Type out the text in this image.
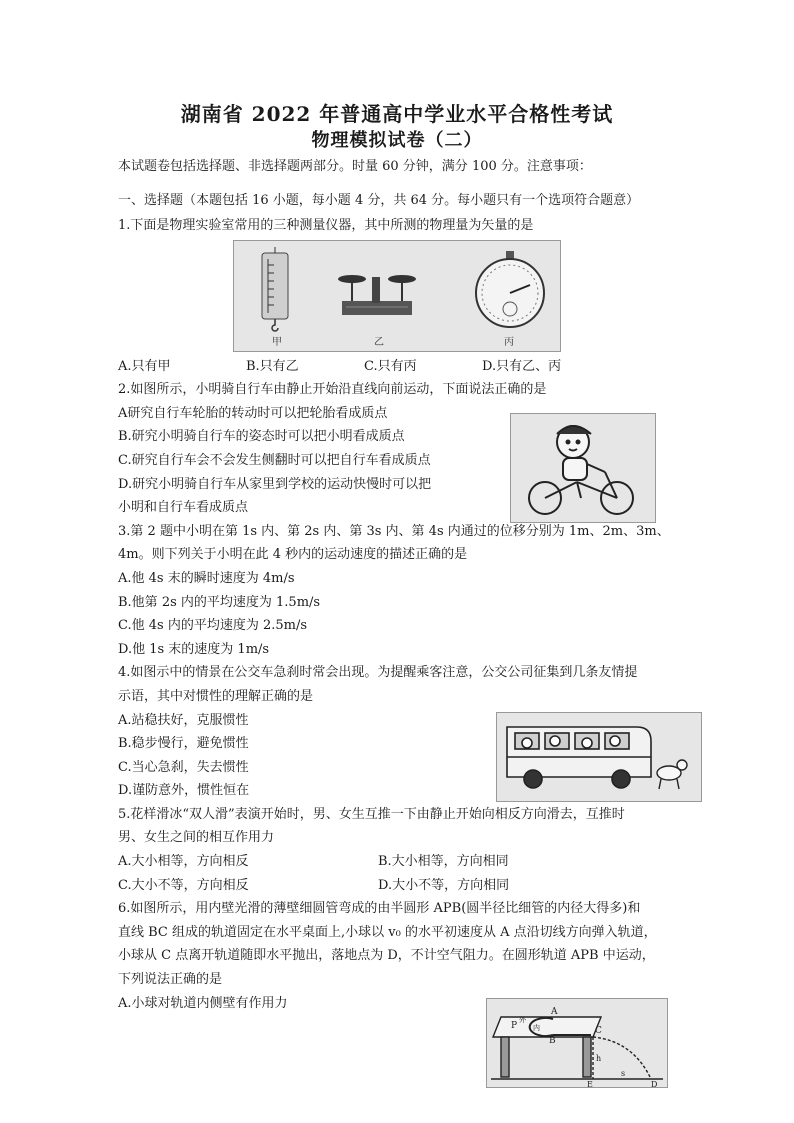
湖南省 2022 年普通高中学业水平合格性考试
物理模拟试卷（二）
本试题卷包括选择题、非选择题两部分。时量 60 分钟，满分 100 分。注意事项：
一、选择题（本题包括 16 小题，每小题 4 分，共 64 分。每小题只有一个选项符合题意）
1.下面是物理实验室常用的三种测量仪器，其中所测的物理量为矢量的是
甲	乙	丙
A.只有甲	B.只有乙	C.只有丙	D.只有乙、丙
2.如图所示，小明骑自行车由静止开始沿直线向前运动，下面说法正确的是
A研究自行车轮胎的转动时可以把轮胎看成质点
B.研究小明骑自行车的姿态时可以把小明看成质点
C.研究自行车会不会发生侧翻时可以把自行车看成质点
D.研究小明骑自行车从家里到学校的运动快慢时可以把
小明和自行车看成质点
3.第 2 题中小明在第 1s 内、第 2s 内、第 3s 内、第 4s 内通过的位移分别为 1m、2m、3m、
4m。则下列关于小明在此 4 秒内的运动速度的描述正确的是
A.他 4s 末的瞬时速度为 4m/s
B.他第 2s 内的平均速度为 1.5m/s
C.他 4s 内的平均速度为 2.5m/s
D.他 1s 末的速度为 1m/s
4.如图示中的情景在公交车急刹时常会出现。为提醒乘客注意，公交公司征集到几条友情提
示语，其中对惯性的理解正确的是
A.站稳扶好，克服惯性
B.稳步慢行，避免惯性
C.当心急刹，失去惯性
D.谨防意外，惯性恒在
5.花样滑冰“双人滑”表演开始时，男、女生互推一下由静止开始向相反方向滑去，互推时
男、女生之间的相互作用力
A.大小相等，方向相反	B.大小相等，方向相同
C.大小不等，方向相反	D.大小不等，方向相同
6.如图所示，用内壁光滑的薄壁细圆管弯成的由半圆形 APB(圆半径比细管的内径大得多)和
直线 BC 组成的轨道固定在水平桌面上,小球以 v₀ 的水平初速度从 A 点沿切线方向弹入轨道，
小球从 C 点离开轨道随即水平抛出，落地点为 D，不计空气阻力。在圆形轨道 APB 中运动，
下列说法正确的是
A.小球对轨道内侧壁有作用力
A
B
C
P
外
内
h
E
s
D
